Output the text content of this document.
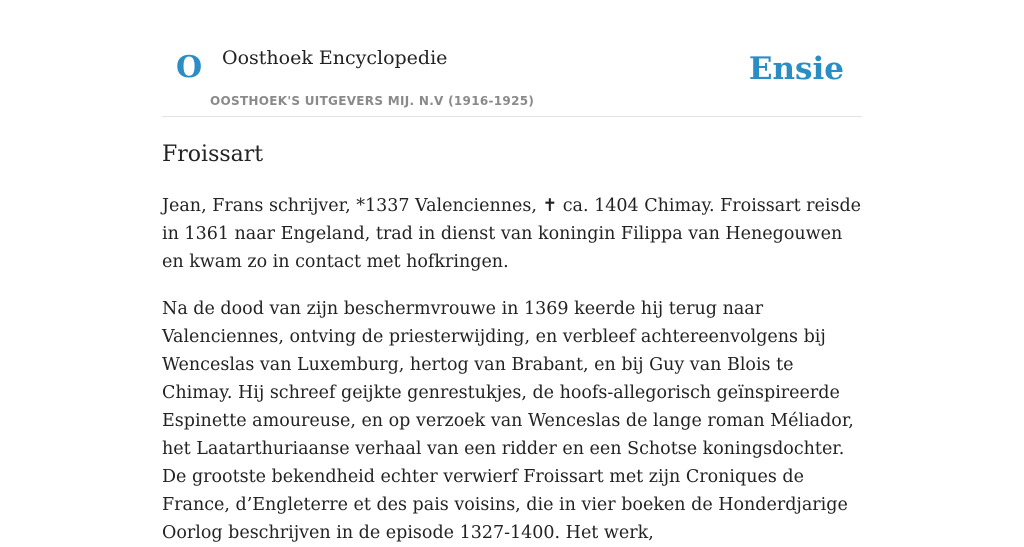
O Oosthoek Encyclopedie
OOSTHOEK'S UITGEVERS MIJ. N.V (1916-1925)
Ensie
Froissart

Jean, Frans schrijver, *1337 Valenciennes, ✝ ca. 1404 Chimay. Froissart reisde in 1361 naar Engeland, trad in dienst van koningin Filippa van Henegouwen en kwam zo in contact met hofkringen.

Na de dood van zijn beschermvrouwe in 1369 keerde hij terug naar Valenciennes, ontving de priesterwijding, en verbleef achtereenvolgens bij Wenceslas van Luxemburg, hertog van Brabant, en bij Guy van Blois te Chimay. Hij schreef geijkte genrestukjes, de hoofs-allegorisch geïnspireerde Espinette amoureuse, en op verzoek van Wenceslas de lange roman Méliador, het Laatarthuriaanse verhaal van een ridder en een Schotse koningsdochter. De grootste bekendheid echter verwierf Froissart met zijn Croniques de France, d’Engleterre et des pais voisins, die in vier boeken de Honderdjarige Oorlog beschrijven in de episode 1327-1400. Het werk,
